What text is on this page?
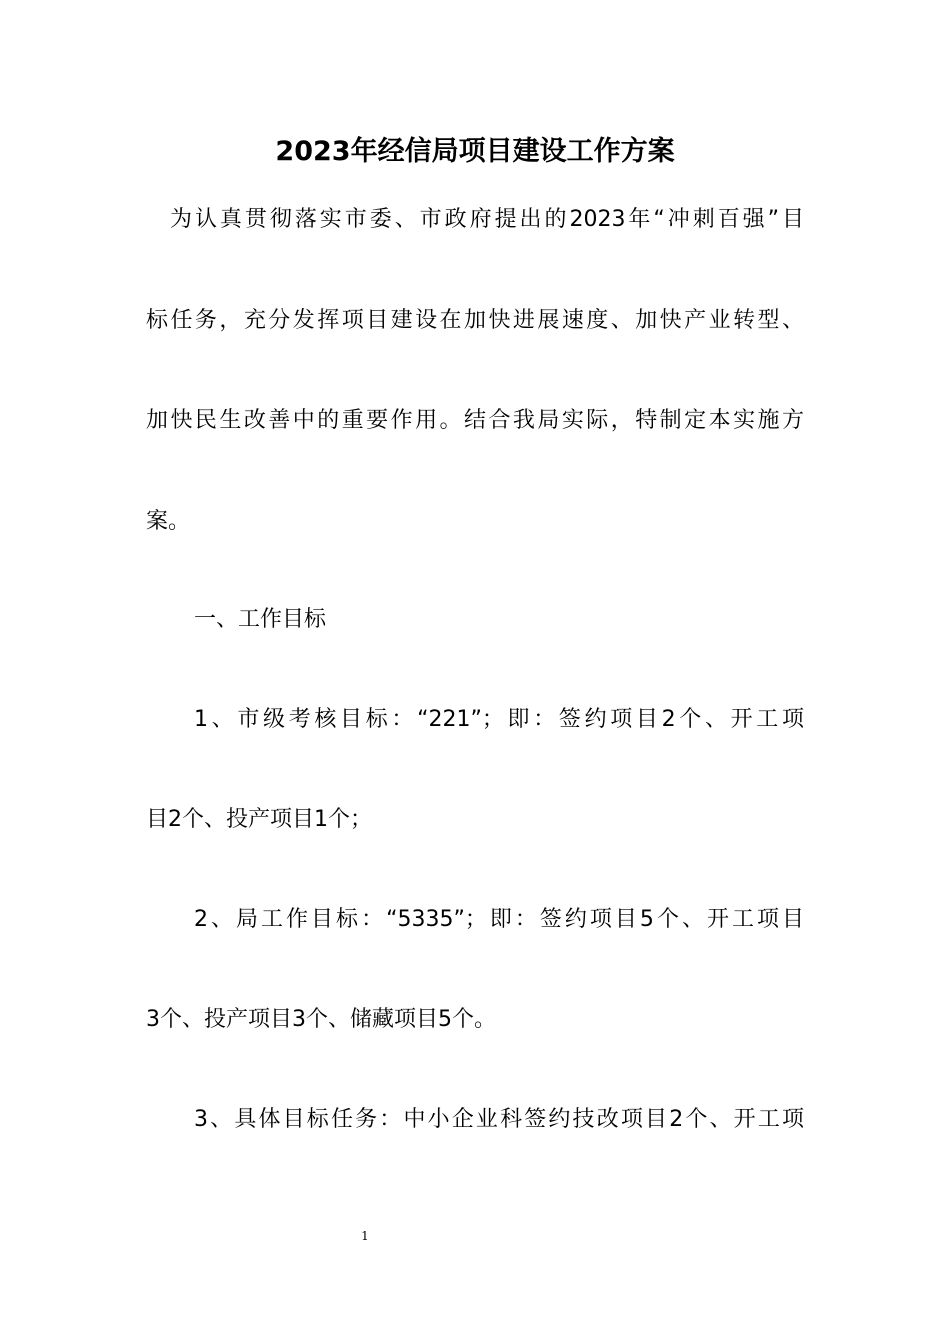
2023年经信局项目建设工作方案
为认真贯彻落实市委、市政府提出的2023年“冲刺百强”目
标任务，充分发挥项目建设在加快进展速度、加快产业转型、
加快民生改善中的重要作用。结合我局实际，特制定本实施方
案。
一、工作目标
1、市级考核目标：“221”；即：签约项目2个、开工项
目2个、投产项目1个；
2、局工作目标：“5335”；即：签约项目5个、开工项目
3个、投产项目3个、储藏项目5个。
3、具体目标任务：中小企业科签约技改项目2个、开工项
1
